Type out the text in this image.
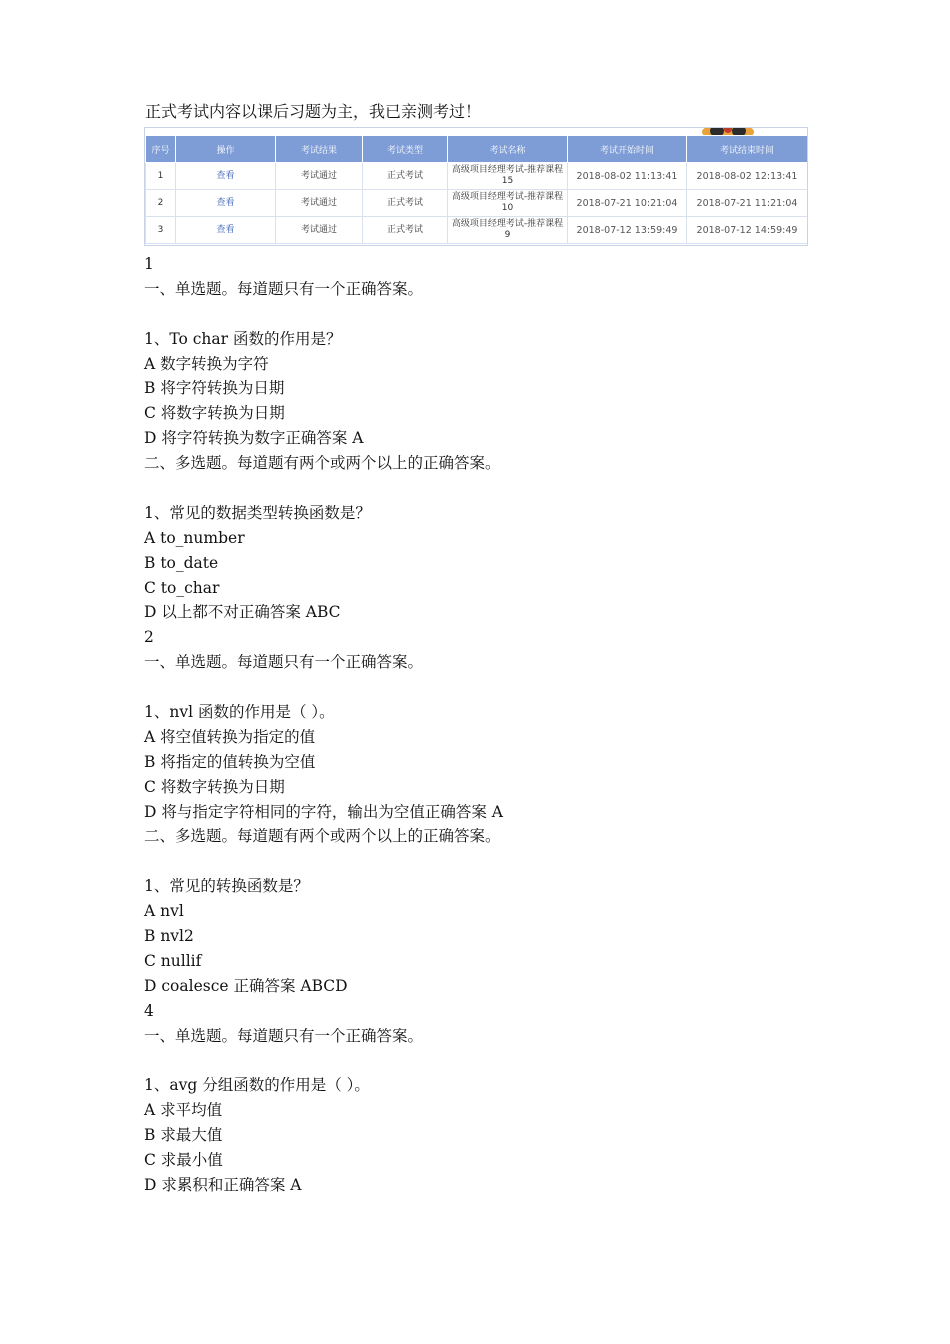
正式考试内容以课后习题为主，我已亲测考过！
序号	操作	考试结果	考试类型	考试名称	考试开始时间	考试结束时间
1	查看	考试通过	正式考试	高级项目经理考试-推荐课程15	2018-08-02 11:13:41	2018-08-02 12:13:41
2	查看	考试通过	正式考试	高级项目经理考试-推荐课程10	2018-07-21 10:21:04	2018-07-21 11:21:04
3	查看	考试通过	正式考试	高级项目经理考试-推荐课程9	2018-07-12 13:59:49	2018-07-12 14:59:49
1
一、单选题。每道题只有一个正确答案。
1、To char 函数的作用是？
A 数字转换为字符
B 将字符转换为日期
C 将数字转换为日期
D 将字符转换为数字正确答案 A
二、多选题。每道题有两个或两个以上的正确答案。
1、常见的数据类型转换函数是？
A to_number
B to_date
C to_char
D 以上都不对正确答案 ABC
2
一、单选题。每道题只有一个正确答案。
1、nvl 函数的作用是（ ）。
A 将空值转换为指定的值
B 将指定的值转换为空值
C 将数字转换为日期
D 将与指定字符相同的字符，输出为空值正确答案 A
二、多选题。每道题有两个或两个以上的正确答案。
1、常见的转换函数是？
A nvl
B nvl2
C nullif
D coalesce 正确答案 ABCD
4
一、单选题。每道题只有一个正确答案。
1、avg 分组函数的作用是（ ）。
A 求平均值
B 求最大值
C 求最小值
D 求累积和正确答案 A
